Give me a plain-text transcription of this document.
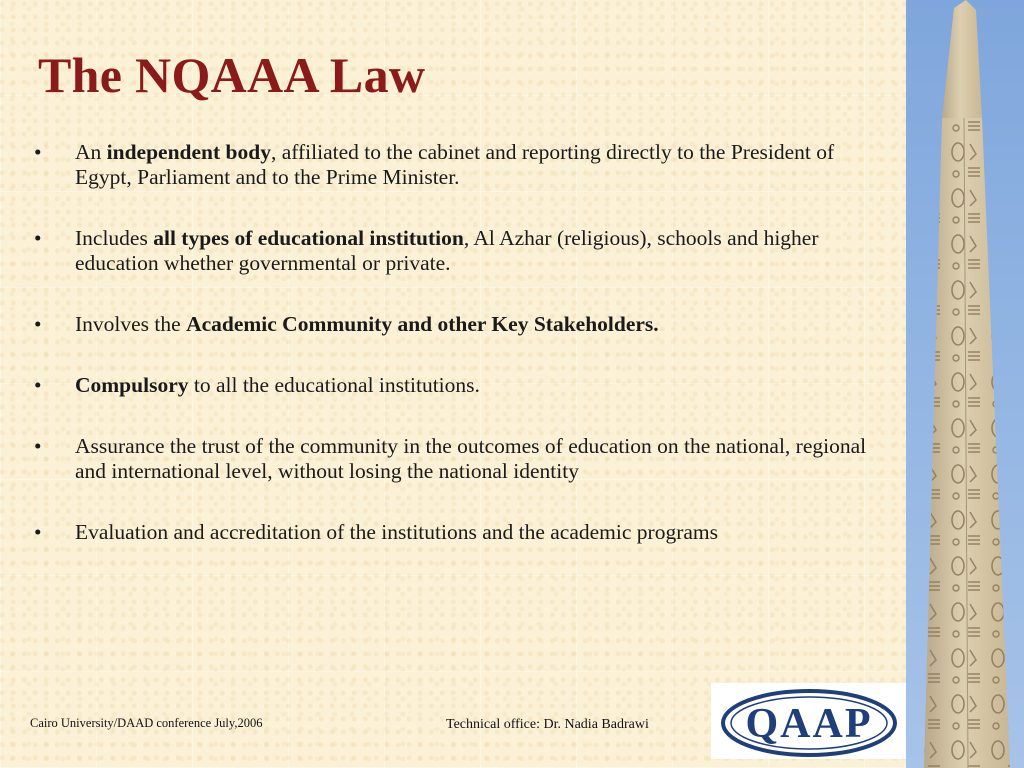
The NQAAA Law
•	An independent body, affiliated to the cabinet and reporting directly to the President of Egypt, Parliament and to the Prime Minister.
•	Includes all types of educational institution, Al Azhar (religious), schools and higher education whether governmental or private.
•	Involves the Academic Community and other Key Stakeholders.
•	Compulsory to all the educational institutions.
•	Assurance the trust of the community in the outcomes of education on the national, regional and international level, without losing the national identity
•	Evaluation and accreditation of the institutions and the academic programs
Cairo University/DAAD conference July,2006	Technical office: Dr. Nadia Badrawi QAAP
